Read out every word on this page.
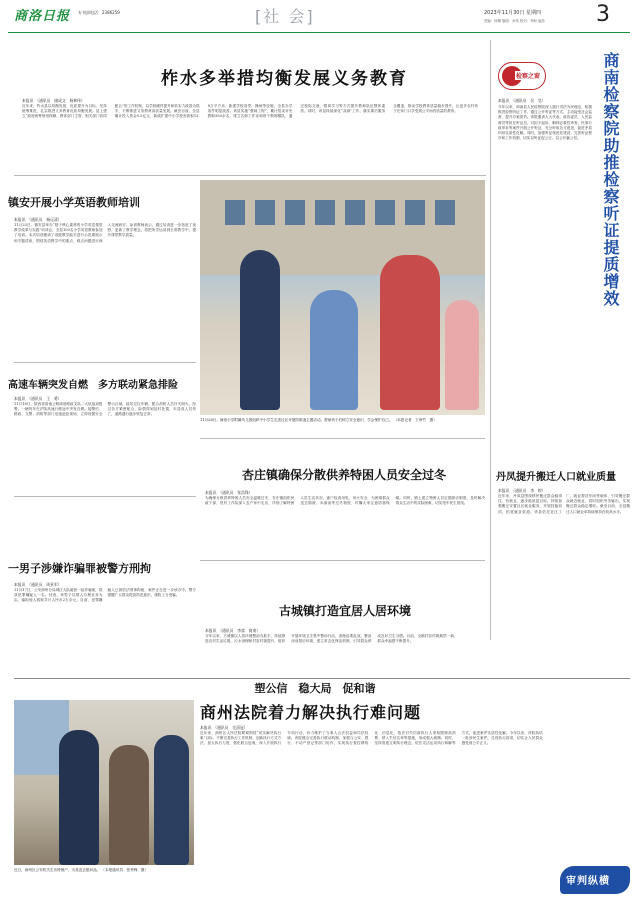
商洛日报 专刊部电话：2386259	[社 会]	2023年11月30日 星期四
责编：杨琳 版面：孙茂 校对：李盼 编务 3
柞水多举措均衡发展义务教育
本报讯　（通讯员　储成文　杨林伟）
近年来，柞水县以均衡发展、优质提升为目标，坚持统筹推进，扎实推进义务教育优质均衡发展。县上建立“政府统筹规划保障、教体部门主管、相关部门协同配合”的工作机制，以学校硬件提升和软实力改善为抓手，不断推进义务教育高质量发展。截至目前，全县累计投入资金5.5亿元，新改扩建中小学校舍面积13.8万平方米，新建学校食堂、操场等设施，全县办学条件明显改善。该县实施“强师工程”，累计招录补充教师350余名，建立名师工作室和骨干教师梯队，通过校际交流、跟岗学习等方式提升教师队伍整体素质。同时，该县持续深化“双减”工作，落实课后服务全覆盖，推动学校教育质量稳步提升，让更多农村孩子在家门口享受到公平而有质量的教育。
检察之窗	商南检察院助推检察听证提质增效
本报讯　（通讯员　吴　昊）
今年以来，商南县人民检察院深入践行司法为民理念，积极推进检察听证工作，通过公开听证等方式，主动接受社会监督，提升办案质效。该院邀请人大代表、政协委员、人民监督员等担任听证员，对拟不起诉、羁押必要性审查、民事行政申诉等案件开展公开听证，充分听取各方意见，促进矛盾纠纷实质性化解。同时，加强听证规范化建设，完善听证程序和工作机制，切实以听证促公正，以公开赢公信。
镇安开展小学英语教师培训
本报讯　（通讯员　杨远清）
11月23日，镇安县举办“基于核心素养的小学英语课堂教学改革与实践”培训会，全县100名小学英语教师参加了培训。本次培训邀请了省级教学能手进行示范课展示和专题讲座，围绕英语教学中的重点、难点问题进行深入交流研讨。参训教师表示，通过培训进一步拓宽了视野，更新了教学理念，将把所学运用到日常教学中，提升课堂教学质量。
11月28日，商洛小学附属幼儿园组织中小学生走进社区开展防欺凌主题活动，帮助孩子们树立安全意识，学会保护自己。 （本报记者　王章竹　摄）
高速车辆突发自燃　多方联动紧急排险
本报讯　（通讯员　王　勇）
11月18日，陕西省高速公路商洛路政支队二大队接到报警，一辆货车在沪陕高速行驶途中突发自燃。接警后，路政、交警、消防等部门迅速赶赴现场，立即设置安全警示区域，疏导过往车辆，配合消防人员扑灭明火。经过各方紧密配合，险情得到及时处置，未造成人员伤亡，道路通行逐步恢复正常。
杏庄镇确保分散供养特困人员安全过冬
本报讯　（通讯员　张浩锋）
为确保分散供养特困人员安全温暖过冬，杏庄镇组织民政干部、驻村工作队深入农户家中走访，详细了解特困人员生活状况，逐户检查用电、用火安全，为困难群众送去棉被、米面油等过冬物资，叮嘱大家注意防寒保暖。同时，镇上建立特困人员定期探访制度，及时解决群众生活中的实际困难，切实兜牢民生底线。
丹凤提升搬迁人口就业质量
本报讯　（通讯员　李　婷）
近年来，丹凤县围绕移民搬迁群众稳得住、有就业、逐步能致富目标，持续加强搬迁安置社区就业服务，开展技能培训，拓宽就业渠道。该县依托社区工厂、就业帮扶车间等载体，引导搬迁群众就近就业，同时组织劳务输出，实现搬迁群众稳定增收。截至目前，全县搬迁人口就业率持续保持在较高水平。
一男子涉嫌诈骗罪被警方刑拘
本报讯　（通讯员　周亚军）
11月17日，公安商州分局城区大队破获一起诈骗案，抓获犯罪嫌疑人一名。经查，该男子以帮人办理业务为由，骗取他人钱财共计人民币2万余元。目前，犯罪嫌疑人已被依法刑事拘留，案件正在进一步侦办中。警方提醒广大群众提高防范意识，谨防上当受骗。
古城镇打造宜居人居环境
本报讯　（通讯员　李富　商南）
今年以来，古城镇以人居环境整治为抓手，持续推进农村生活垃圾、污水治理和村容村貌提升，组织开展环境卫生集中整治行动，清理乱堆乱放，整治房前屋后环境，建立常态化保洁机制，引导群众养成良好卫生习惯。目前，全镇村容村貌焕然一新，群众幸福感不断提升。
塑公信　稳大局　促和谐
近日，商州区公安机关走访特困户，为其送去慰问品。 （本报通讯员　张秀锋　摄）
商州法院着力解决执行难问题
本报讯　（通讯员　毛清冠）
近年来，商州区人民法院紧紧围绕“切实解决执行难”目标，不断完善执行工作机制，创新执行方式方法，加大执行力度，强化联合惩戒，深入开展执行专项行动，有力维护了当事人合法权益和司法权威。该院健全完善执行联动机制，加强与公安、银行、不动产登记等部门协作，实现执行查控网络化、信息化，依法对失信被执行人采取限制高消费、纳入失信名单等措施，形成强大威慑。同时，坚持善意文明执行理念，依法灵活运用执行和解等方式，促进案件实质性化解。今年以来，该院执结一批涉民生案件，兑现执行款项，切实让人民群众感受到公平正义。
审判纵横
